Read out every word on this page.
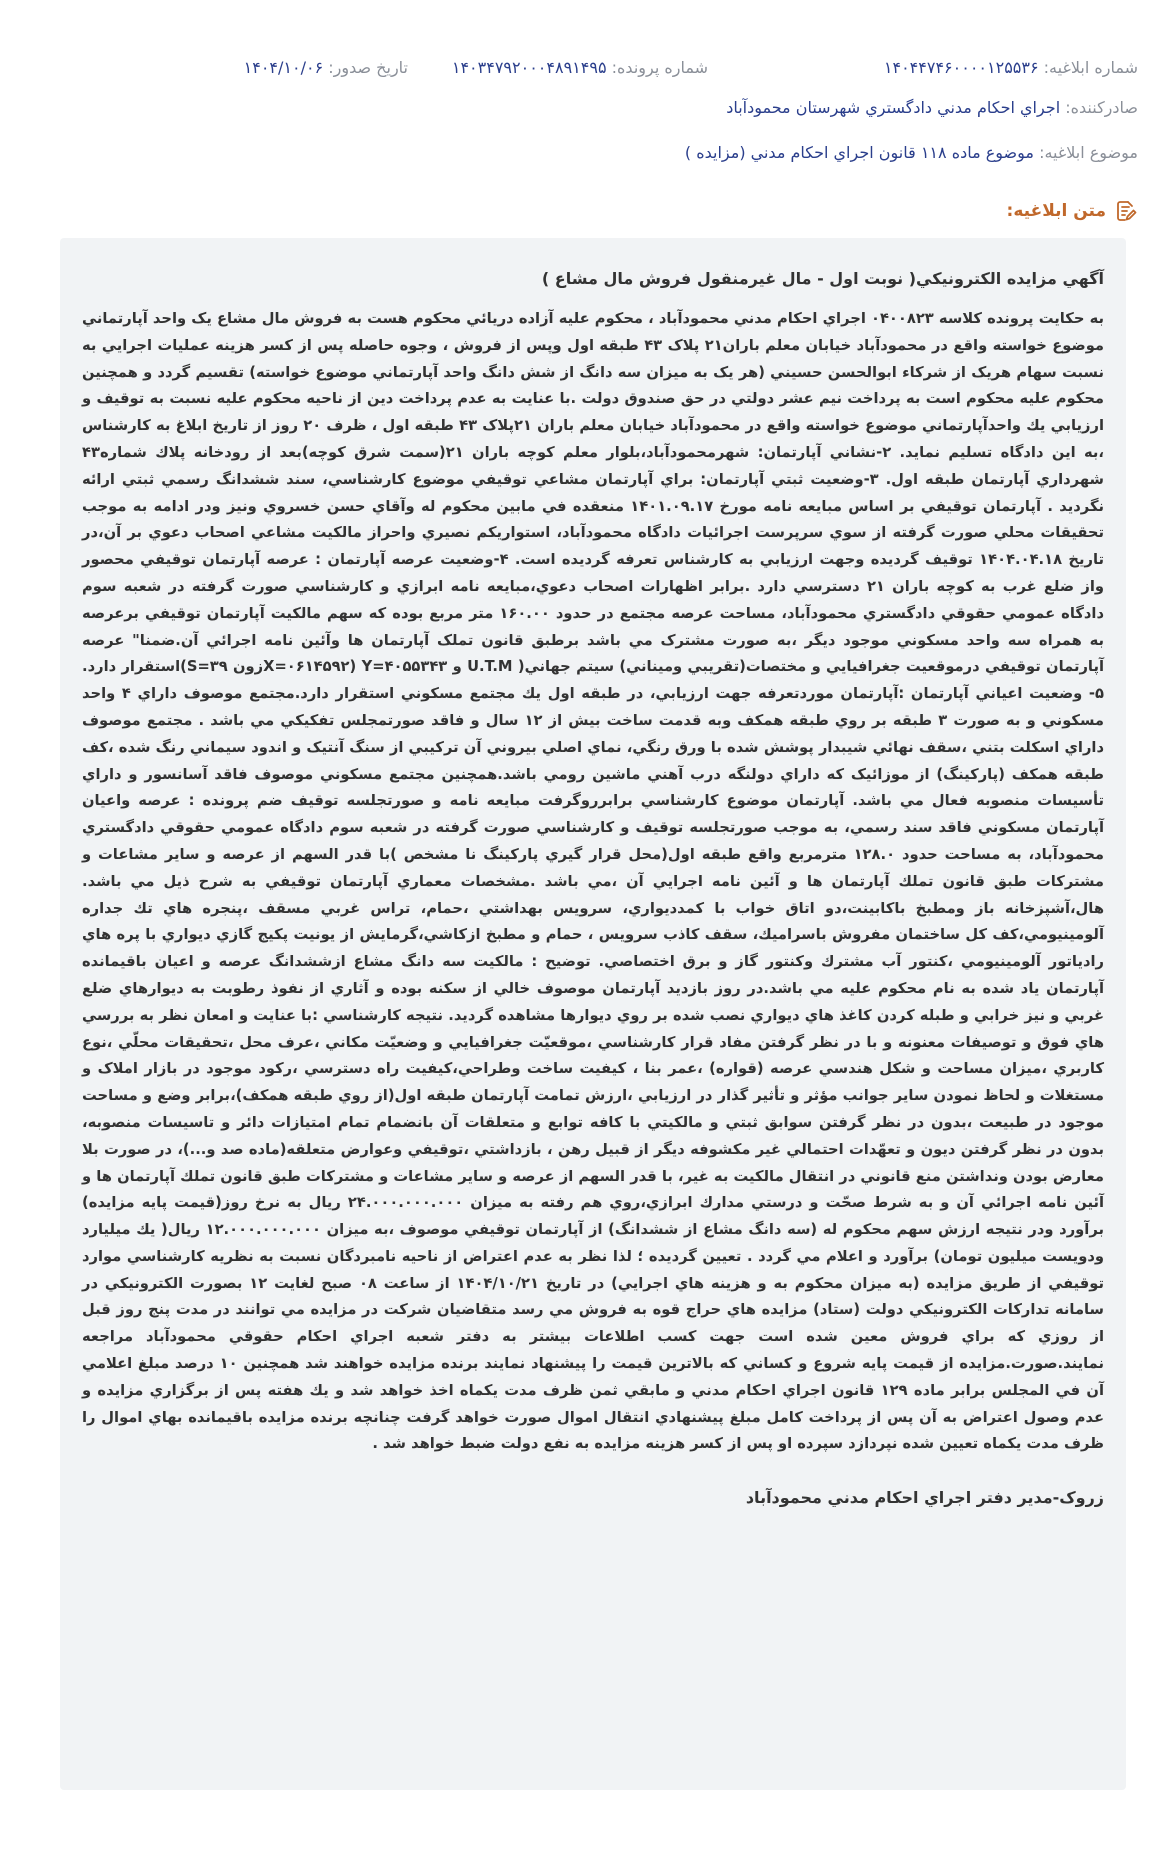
شماره ابلاغيه: ۱۴۰۴۴۷۴۶۰۰۰۰۱۲۵۵۳۶
شماره پرونده: ۱۴۰۳۴۷۹۲۰۰۰۴۸۹۱۴۹۵
تاريخ صدور: ۱۴۰۴/۱۰/۰۶
صادرکننده: اجراي احكام مدني دادگستري شهرستان محمودآباد
موضوع ابلاغيه: موضوع ماده ۱۱۸ قانون اجراي احكام مدني (مزايده )
متن ابلاغيه:
آگهي مزايده الکترونيکي( نوبت اول - مال غيرمنقول فروش مال مشاع )
به حکايت پرونده کلاسه ۰۴۰۰۸۲۳ اجراي احکام مدني محمودآباد ، محکوم عليه آزاده دريائي محکوم هست به فروش مال مشاع يک واحد آپارتماني موضوع خواسته واقع در محمودآباد خيابان معلم باران۲۱ پلاک ۴۳ طبقه اول وپس از فروش ، وجوه حاصله پس از کسر هزينه عمليات اجرايي به نسبت سهام هريک از شرکاء ابوالحسن حسيني (هر يک به ميزان سه دانگ از شش دانگ واحد آپارتماني موضوع خواسته) تقسيم گردد و همچنين محکوم عليه محکوم است به پرداخت نيم عشر دولتي در حق صندوق دولت .با عنايت به عدم پرداخت دين از ناحيه محكوم عليه نسبت به توقيف و ارزيابي يك واحدآپارتماني موضوع خواسته واقع در محمودآباد خيابان معلم باران ۲۱پلاک ۴۳ طبقه اول ، ظرف ۲۰ روز از تاريخ ابلاغ به کارشناس ،به اين دادگاه تسليم نمايد. ۲-نشاني آپارتمان: شهرمحمودآباد،بلوار معلم کوچه باران ۲۱(سمت شرق کوچه)بعد از رودخانه پلاك شماره۴۳ شهرداري آپارتمان طبقه اول. ۳-وضعيت ثبتي آپارتمان: براي آپارتمان مشاعي توقيفي موضوع كارشناسي، سند ششدانگ رسمي ثبتي ارائه نگرديد . آپارتمان توقيفي بر اساس مبايعه نامه مورخ ۱۴۰۱.۰۹.۱۷ منعقده في مابين محکوم له وآقاي حسن خسروي ونيز ودر ادامه به موجب تحقيقات محلي صورت گرفته از سوي سرپرست اجرائيات دادگاه محمودآباد، استواريکم نصيري واحراز مالکيت مشاعي اصحاب دعوي بر آن،در تاريخ ۱۴۰۴.۰۴.۱۸ توقيف گرديده وجهت ارزيابي به كارشناس تعرفه گرديده است. ۴-وضعيت عرصه آپارتمان : عرصه آپارتمان توقيفي محصور واز ضلع غرب به کوچه باران ۲۱ دسترسي دارد .برابر اظهارات اصحاب دعوي،مبايعه نامه ابرازي و کارشناسي صورت گرفته در شعبه سوم دادگاه عمومي حقوقي دادگستري محمودآباد، مساحت عرصه مجتمع در حدود ۱۶۰.۰۰ متر مربع بوده كه سهم مالكيت آپارتمان توقيفي برعرصه به همراه سه واحد مسکوني موجود ديگر ،به صورت مشترک مي باشد برطبق قانون تملک آپارتمان ها وآئين نامه اجرائي آن.ضمنا" عرصه آپارتمان توقيفي درموقعيت جغرافيايي و مختصات(تقريبي وميناني) سيتم جهاني( U.T.M و Y=۴۰۵۵۳۴۳ (X=۰۶۱۴۵۹۲زون S=۳۹)استقرار دارد. ۵- وضعيت اعياني آپارتمان :آپارتمان موردتعرفه جهت ارزيابي، در طبقه اول يك مجتمع مسكوني استقرار دارد.مجتمع موصوف داراي ۴ واحد مسکوني و به صورت ۳ طبقه بر روي طبقه همکف وبه قدمت ساخت بيش از ۱۲ سال و فاقد صورتمجلس تفكيكي مي باشد . مجتمع موصوف داراي اسکلت بتني ،سقف نهائي شيبدار پوشش شده با ورق رنگي، نماي اصلي بيروني آن ترکيبي از سنگ آنتيک و اندود سيماني رنگ شده ،کف طبقه همکف (پارکينگ) از موزائيک که داراي دولنگه درب آهني ماشين رومي باشد.همچنين مجتمع مسکوني موصوف فاقد آسانسور و داراي تأسيسات منصوبه فعال مي باشد. آپارتمان موضوع كارشناسي برابرروگرفت مبايعه نامه و صورتجلسه توقيف ضم پرونده : عرصه واعيان آپارتمان مسکوني فاقد سند رسمي، به موجب صورتجلسه توقيف و كارشناسي صورت گرفته در شعبه سوم دادگاه عمومي حقوقي دادگستري محمودآباد، به مساحت حدود ۱۲۸.۰ مترمربع واقع طبقه اول(محل قرار گيري پارکينگ نا مشخص )با قدر السهم از عرصه و ساير مشاعات و مشتركات طبق قانون تملك آپارتمان ها و آئين نامه اجرايي آن ،مي باشد .مشخصات معماري آپارتمان توقيفي به شرح ذيل مي باشد. هال،آشپزخانه باز ومطبخ باكابينت،دو اتاق خواب با كمدديواري، سرويس بهداشتي ،حمام، تراس غربي مسقف ،پنجره هاي تك جداره آلومينيومي،کف کل ساختمان مفروش باسراميك، سقف كاذب سرويس ، حمام و مطبخ ازكاشي،گرمايش از يونيت پكيج گازي ديواري با پره هاي رادياتور آلومينيومي ،كنتور آب مشترك وكنتور گاز و برق اختصاصي. توضيح : مالکيت سه دانگ مشاع ازششدانگ عرصه و اعيان باقيمانده آپارتمان ياد شده به نام محکوم عليه مي باشد.در روز بازديد آپارتمان موصوف خالي از سکنه بوده و آثاري از نفوذ رطوبت به ديوارهاي ضلع غربي و نيز خرابي و طبله كردن كاغذ هاي ديواري نصب شده بر روي ديوارها مشاهده گرديد. نتيجه كارشناسي :با عنايت و امعان نظر به بررسي هاي فوق و توصيفات معنونه و با در نظر گرفتن مفاد قرار كارشناسي ،موقعيّت جغرافيايي و وضعيّت مكاني ،عرف محل ،تحقيقات محلّي ،نوع كاربري ،ميزان مساحت و شكل هندسي عرصه (قواره) ،عمر بنا ، كيفيت ساخت وطراحي،كيفيت راه دسترسي ،ركود موجود در بازار املاک و مستغلات و لحاظ نمودن ساير جوانب مؤثر و تأثير گذار در ارزيابي ،ارزش تمامت آپارتمان طبقه اول(از روي طبقه همکف)،برابر وضع و مساحت موجود در طبيعت ،بدون در نظر گرفتن سوابق ثبتي و مالكيتي با كافه توابع و متعلقات آن بانضمام تمام امتيازات دائر و تاسيسات منصوبه، بدون در نظر گرفتن ديون و تعهّدات احتمالي غير مكشوفه ديگر از قبيل رهن ، بازداشتي ،توقيفي وعوارض متعلقه(ماده صد و...)، در صورت بلا معارض بودن ونداشتن منع قانوني در انتقال مالكيت به غير، با قدر السهم از عرصه و ساير مشاعات و مشتركات طبق قانون تملك آپارتمان ها و آئين نامه اجرائي آن و به شرط صحّت و درستي مدارك ابرازي،روي هم رفته به ميزان ۲۴.۰۰۰.۰۰۰.۰۰۰ ريال به نرخ روز(قيمت پايه مزايده) برآورد ودر نتيجه ارزش سهم محکوم له (سه دانگ مشاع از ششدانگ) از آپارتمان توقيفي موصوف ،به ميزان ۱۲.۰۰۰.۰۰۰.۰۰۰ ريال( يك ميلیارد ودويست ميليون تومان) برآورد و اعلام مي گردد . تعيين گرديده ؛ لذا نظر به عدم اعتراض از ناحيه نامبردگان نسبت به نظريه كارشناسي موارد توقيفي از طريق مزايده (به ميزان محکوم به و هزينه هاي اجرايي) در تاريخ ۱۴۰۴/۱۰/۲۱ از ساعت ۰۸ صبح لغايت ۱۲ بصورت الكترونيكي در سامانه تداركات الكترونيكي دولت (ستاد) مزايده هاي حراج قوه به فروش مي رسد متقاضيان شركت در مزايده مي توانند در مدت پنج روز قبل از روزي كه براي فروش معين شده است جهت كسب اطلاعات بيشتر به دفتر شعبه اجراي احكام حقوقي محمودآباد مراجعه نمايند.صورت.مزايده از قيمت پايه شروع و كساني كه بالاترين قيمت را پيشنهاد نمايند برنده مزايده خواهند شد همچنين ۱۰ درصد مبلغ اعلامي آن في المجلس برابر ماده ۱۲۹ قانون اجراي احكام مدني و مابقي ثمن ظرف مدت يكماه اخذ خواهد شد و يك هفته پس از برگزاري مزايده و عدم وصول اعتراض به آن پس از پرداخت كامل مبلغ پيشنهادي انتقال اموال صورت خواهد گرفت چنانچه برنده مزايده باقيمانده بهاي اموال را ظرف مدت يكماه تعيين شده نپردازد سپرده او پس از كسر هزينه مزايده به نفع دولت ضبط خواهد شد .
زروک-مدير دفتر اجراي احكام مدني محمودآباد
